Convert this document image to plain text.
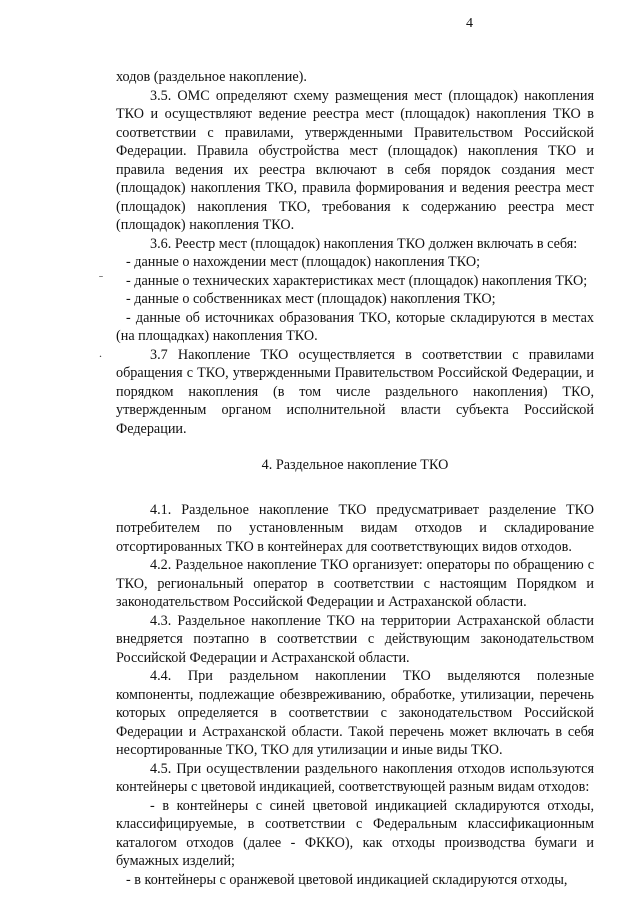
4

ходов (раздельное накопление).

3.5. ОМС определяют схему размещения мест (площадок) накопления ТКО и осуществляют ведение реестра мест (площадок) накопления ТКО в соответствии с правилами, утвержденными Правительством Российской Федерации. Правила обустройства мест (площадок) накопления ТКО и правила ведения их реестра включают в себя порядок создания мест (площадок) накопления ТКО, правила формирования и ведения реестра мест (площадок) накопления ТКО, требования к содержанию реестра мест (площадок) накопления ТКО.

3.6. Реестр мест (площадок) накопления ТКО должен включать в себя:

- данные о нахождении мест (площадок) накопления ТКО;

- данные о технических характеристиках мест (площадок) накопления ТКО;

- данные о собственниках мест (площадок) накопления ТКО;

- данные об источниках образования ТКО, которые складируются в местах (на площадках) накопления ТКО.

3.7 Накопление ТКО осуществляется в соответствии с правилами обращения с ТКО, утвержденными Правительством Российской Федерации, и порядком накопления (в том числе раздельного накопления) ТКО, утвержденным органом исполнительной власти субъекта Российской Федерации.

4. Раздельное накопление ТКО

4.1. Раздельное накопление ТКО предусматривает разделение ТКО потребителем по установленным видам отходов и складирование отсортированных ТКО в контейнерах для соответствующих видов отходов.

4.2. Раздельное накопление ТКО организует: операторы по обращению с ТКО, региональный оператор в соответствии с настоящим Порядком и законодательством Российской Федерации и Астраханской области.

4.3. Раздельное накопление ТКО на территории Астраханской области внедряется поэтапно в соответствии с действующим законодательством Российской Федерации и Астраханской области.

4.4. При раздельном накоплении ТКО выделяются полезные компоненты, подлежащие обезвреживанию, обработке, утилизации, перечень которых определяется в соответствии с законодательством Российской Федерации и Астраханской области. Такой перечень может включать в себя несортированные ТКО, ТКО для утилизации и иные виды ТКО.

4.5. При осуществлении раздельного накопления отходов используются контейнеры с цветовой индикацией, соответствующей разным видам отходов:

- в контейнеры с синей цветовой индикацией складируются отходы, классифицируемые, в соответствии с Федеральным классификационным каталогом отходов (далее - ФККО), как отходы производства бумаги и бумажных изделий;

- в контейнеры с оранжевой цветовой индикацией складируются отходы,

ˉ
.
